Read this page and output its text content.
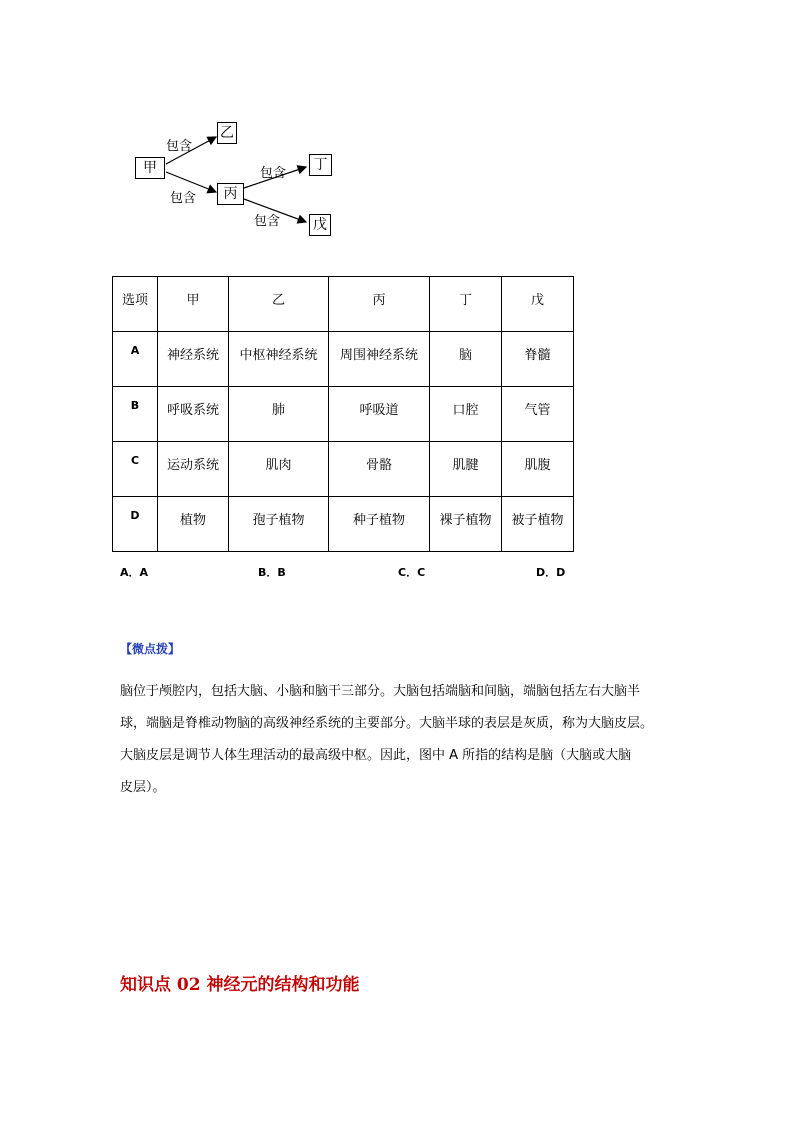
甲
乙
丙
丁
戊
包含
包含
包含
包含
选项	甲	乙	丙	丁	戊
A	神经系统	中枢神经系统	周围神经系统	脑	脊髓
B	呼吸系统	肺	呼吸道	口腔	气管
C	运动系统	肌肉	骨骼	肌腱	肌腹
D	植物	孢子植物	种子植物	裸子植物	被子植物
A．A	B．B	C．C	D．D
【微点拨】
脑位于颅腔内，包括大脑、小脑和脑干三部分。大脑包括端脑和间脑，端脑包括左右大脑半
球，端脑是脊椎动物脑的高级神经系统的主要部分。大脑半球的表层是灰质，称为大脑皮层。
大脑皮层是调节人体生理活动的最高级中枢。因此，图中 A 所指的结构是脑（大脑或大脑
皮层）。
知识点 02 神经元的结构和功能
